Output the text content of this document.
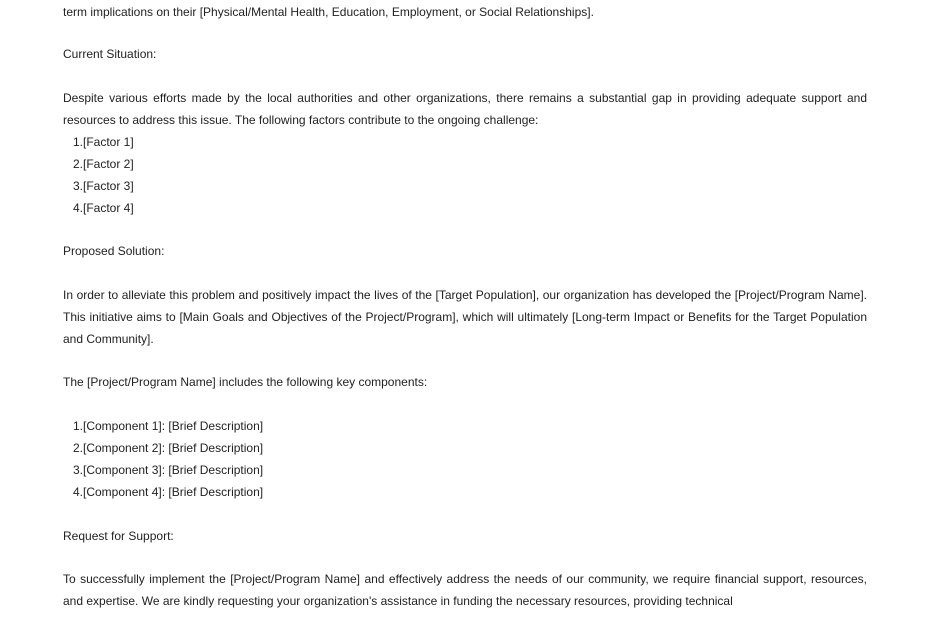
term implications on their [Physical/Mental Health, Education, Employment, or Social Relationships].
Current Situation:
Despite various efforts made by the local authorities and other organizations, there remains a substantial gap in providing adequate support and resources to address this issue. The following factors contribute to the ongoing challenge:
1.[Factor 1]
2.[Factor 2]
3.[Factor 3]
4.[Factor 4]
Proposed Solution:
In order to alleviate this problem and positively impact the lives of the [Target Population], our organization has developed the [Project/Program Name]. This initiative aims to [Main Goals and Objectives of the Project/Program], which will ultimately [Long-term Impact or Benefits for the Target Population and Community].
The [Project/Program Name] includes the following key components:
1.[Component 1]: [Brief Description]
2.[Component 2]: [Brief Description]
3.[Component 3]: [Brief Description]
4.[Component 4]: [Brief Description]
Request for Support:
To successfully implement the [Project/Program Name] and effectively address the needs of our community, we require financial support, resources, and expertise. We are kindly requesting your organization's assistance in funding the necessary resources, providing technical
